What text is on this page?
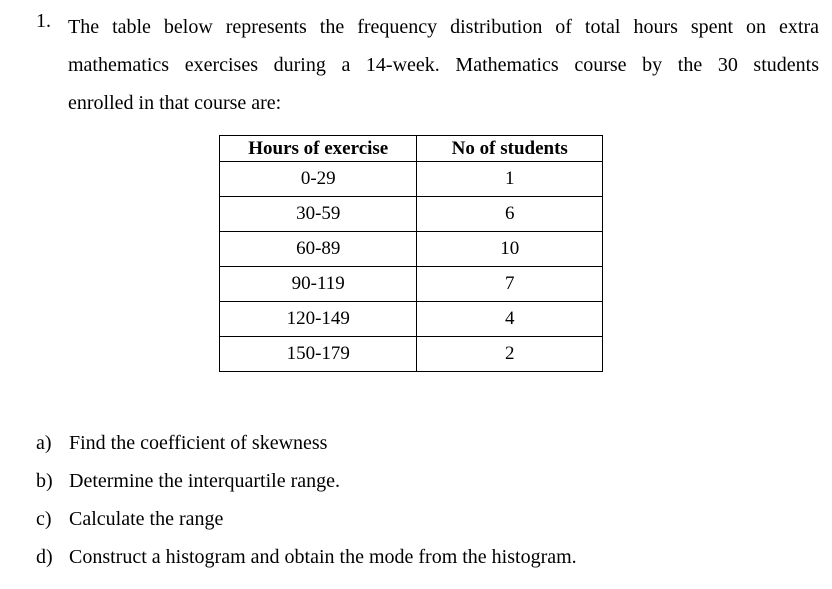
1. The table below represents the frequency distribution of total hours spent on extra
mathematics exercises during a 14-week. Mathematics course by the 30 students
enrolled in that course are:
Hours of exercise	No of students
0-29	1
30-59	6
60-89	10
90-119	7
120-149	4
150-179	2
a) Find the coefficient of skewness
b) Determine the interquartile range.
c) Calculate the range
d) Construct a histogram and obtain the mode from the histogram.
